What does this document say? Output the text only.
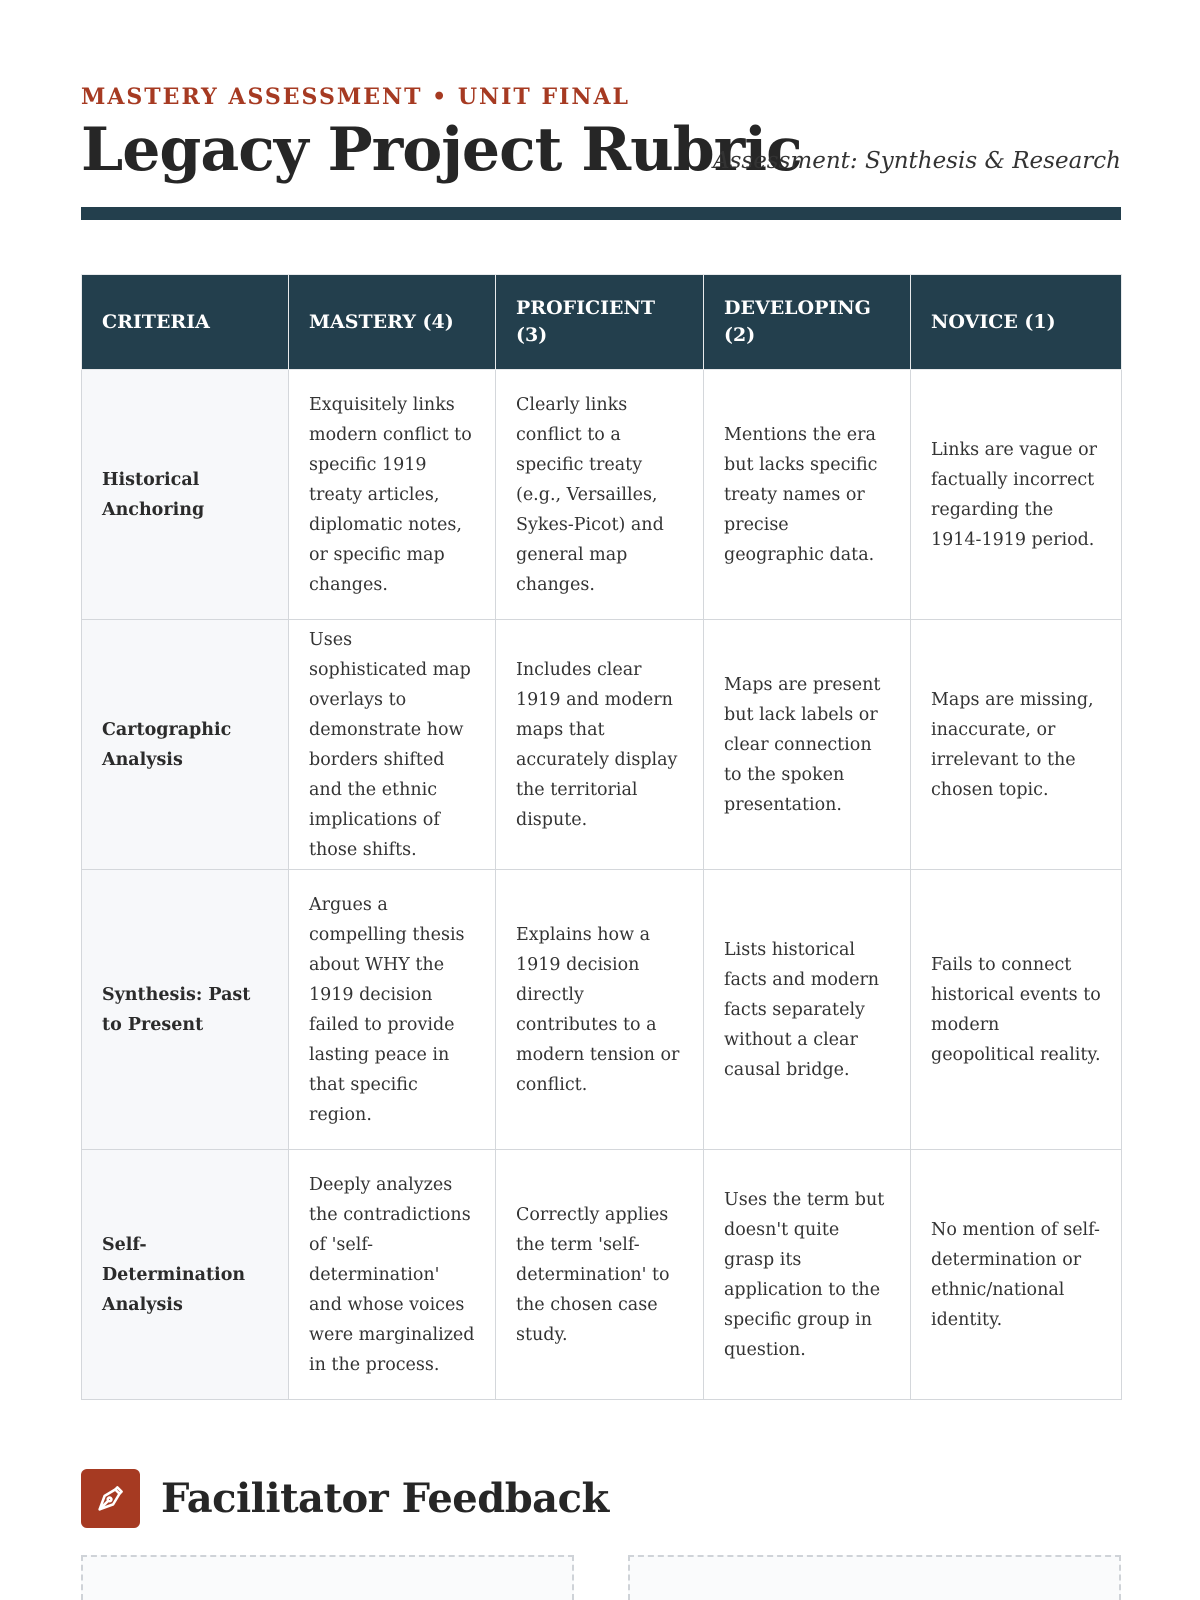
MASTERY ASSESSMENT • UNIT FINAL
Legacy Project Rubric
Assessment: Synthesis & Research
CRITERIA	MASTERY (4)	PROFICIENT (3)	DEVELOPING (2)	NOVICE (1)
Historical Anchoring	Exquisitely links modern conflict to specific 1919 treaty articles, diplomatic notes, or specific map changes.	Clearly links conflict to a specific treaty (e.g., Versailles, Sykes-Picot) and general map changes.	Mentions the era but lacks specific treaty names or precise geographic data.	Links are vague or factually incorrect regarding the 1914-1919 period.
Cartographic Analysis	Uses sophisticated map overlays to demonstrate how borders shifted and the ethnic implications of those shifts.	Includes clear 1919 and modern maps that accurately display the territorial dispute.	Maps are present but lack labels or clear connection to the spoken presentation.	Maps are missing, inaccurate, or irrelevant to the chosen topic.
Synthesis: Past to Present	Argues a compelling thesis about WHY the 1919 decision failed to provide lasting peace in that specific region.	Explains how a 1919 decision directly contributes to a modern tension or conflict.	Lists historical facts and modern facts separately without a clear causal bridge.	Fails to connect historical events to modern geopolitical reality.
Self-Determination Analysis	Deeply analyzes the contradictions of 'self-determination' and whose voices were marginalized in the process.	Correctly applies the term 'self-determination' to the chosen case study.	Uses the term but doesn't quite grasp its application to the specific group in question.	No mention of self-determination or ethnic/national identity.
Facilitator Feedback
